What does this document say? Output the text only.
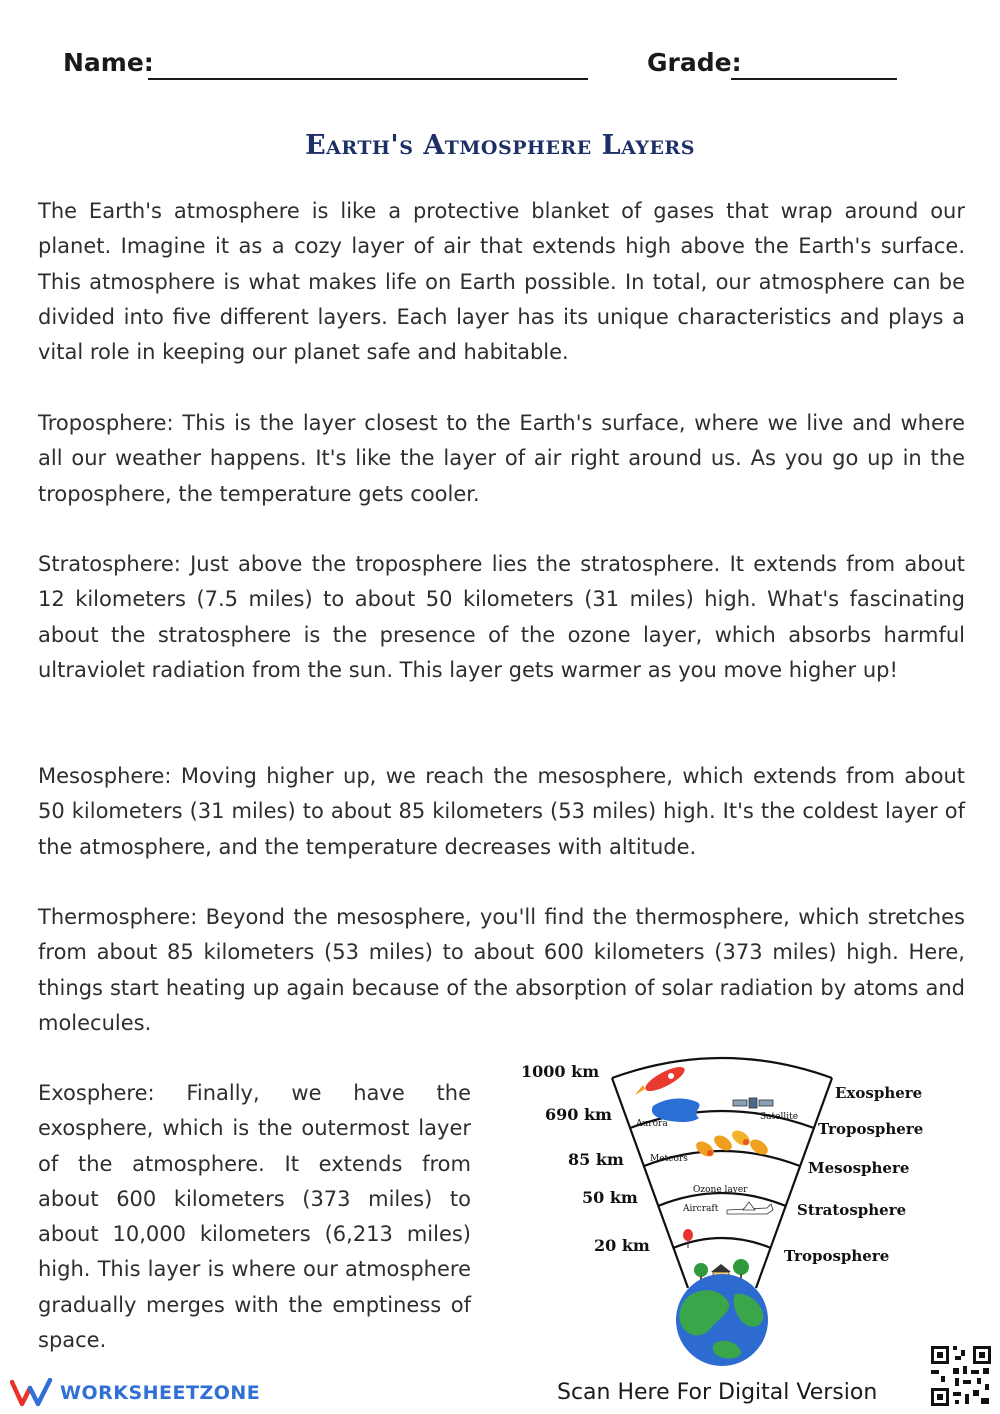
Name:	Grade:
Earth's Atmosphere Layers

The Earth's atmosphere is like a protective blanket of gases that wrap around our planet. Imagine it as a cozy layer of air that extends high above the Earth's surface. This atmosphere is what makes life on Earth possible. In total, our atmosphere can be divided into five different layers. Each layer has its unique characteristics and plays a vital role in keeping our planet safe and habitable.

Troposphere: This is the layer closest to the Earth's surface, where we live and where all our weather happens. It's like the layer of air right around us. As you go up in the troposphere, the temperature gets cooler.

Stratosphere: Just above the troposphere lies the stratosphere. It extends from about 12 kilometers (7.5 miles) to about 50 kilometers (31 miles) high. What's fascinating about the stratosphere is the presence of the ozone layer, which absorbs harmful ultraviolet radiation from the sun. This layer gets warmer as you move higher up!

Mesosphere: Moving higher up, we reach the mesosphere, which extends from about 50 kilometers (31 miles) to about 85 kilometers (53 miles) high. It's the coldest layer of the atmosphere, and the temperature decreases with altitude.

Thermosphere: Beyond the mesosphere, you'll find the thermosphere, which stretches from about 85 kilometers (53 miles) to about 600 kilometers (373 miles) high. Here, things start heating up again because of the absorption of solar radiation by atoms and molecules.

Exosphere: Finally, we have the exosphere, which is the outermost layer of the atmosphere. It extends from about 600 kilometers (373 miles) to about 10,000 kilometers (6,213 miles) high. This layer is where our atmosphere gradually merges with the emptiness of space.

1000 km
690 km
85 km
50 km
20 km
Exosphere
Troposphere
Mesosphere
Stratosphere
Troposphere
Aurora
Satellite
Meteors
Ozone layer
Aircraft
WORKSHEETZONE	Scan Here For Digital Version
